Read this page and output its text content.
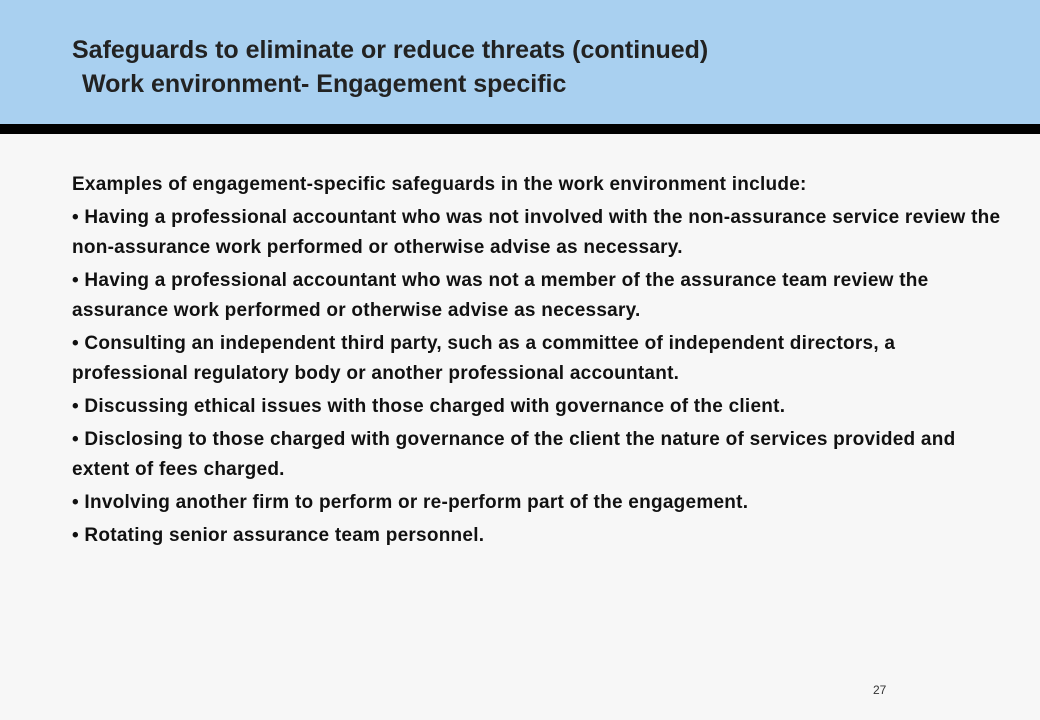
Safeguards to eliminate or reduce threats (continued)
Work environment- Engagement specific

Examples of engagement-specific safeguards in the work environment include:

• Having a professional accountant who was not involved with the non-assurance service review the non-assurance work performed or otherwise advise as necessary.
• Having a professional accountant who was not a member of the assurance team review the assurance work performed or otherwise advise as necessary.
• Consulting an independent third party, such as a committee of independent directors, a professional regulatory body or another professional accountant.
• Discussing ethical issues with those charged with governance of the client.
• Disclosing to those charged with governance of the client the nature of services provided and extent of fees charged.
• Involving another firm to perform or re-perform part of the engagement.
• Rotating senior assurance team personnel.
27
